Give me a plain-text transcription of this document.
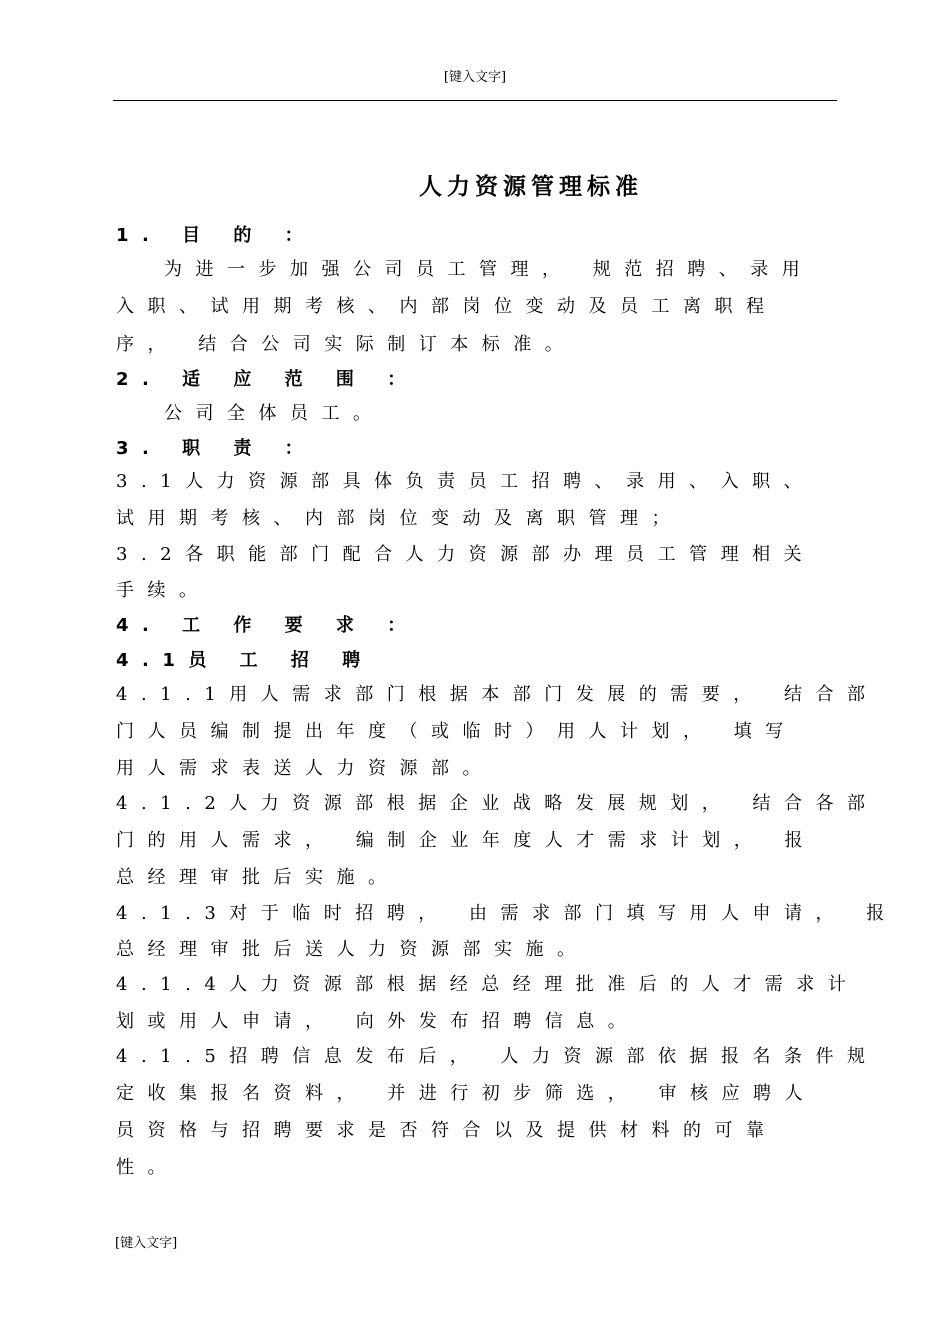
[键入文字]
人力资源管理标准
1. 目 的 ：
为进一步加强公司员工管理， 规范招聘、录用
入职、试用期考核、内部岗位变动及员工离职程
序， 结合公司实际制订本标准。
2. 适 应 范 围 ：
公司全体员工。
3. 职 责 ：
3.1人力资源部具体负责员工招聘、录用、入职、
试用期考核、内部岗位变动及离职管理；
3.2各职能部门配合人力资源部办理员工管理相关
手续。
4. 工 作 要 求 ：
4.1员 工 招 聘
4.1.1用人需求部门根据本部门发展的需要， 结合部
门人员编制提出年度（或临时）用人计划， 填写
用人需求表送人力资源部。
4.1.2人力资源部根据企业战略发展规划， 结合各部
门的用人需求， 编制企业年度人才需求计划， 报
总经理审批后实施。
4.1.3对于临时招聘， 由需求部门填写用人申请， 报
总经理审批后送人力资源部实施。
4.1.4人力资源部根据经总经理批准后的人才需求计
划或用人申请， 向外发布招聘信息。
4.1.5招聘信息发布后， 人力资源部依据报名条件规
定收集报名资料， 并进行初步筛选， 审核应聘人
员资格与招聘要求是否符合以及提供材料的可靠
性。
[键入文字]
